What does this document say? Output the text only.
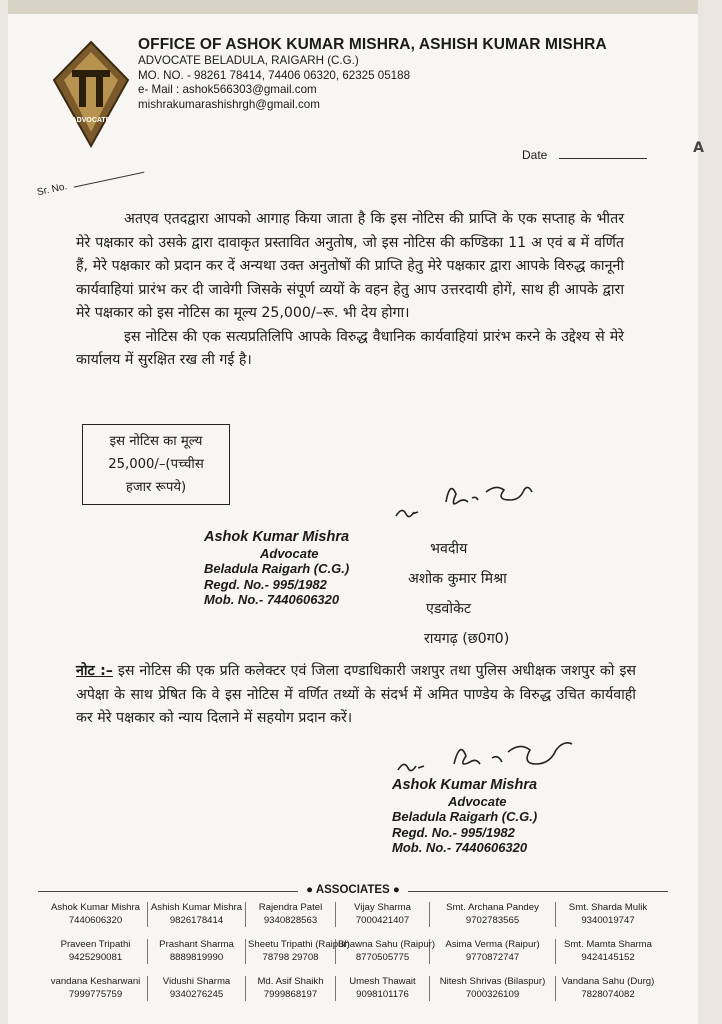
A
ADVOCATE
OFFICE OF ASHOK KUMAR MISHRA, ASHISH KUMAR MISHRA
ADVOCATE BELADULA, RAIGARH (C.G.)
MO. NO. - 98261 78414, 74406 06320, 62325 05188
e- Mail : ashok566303@gmail.com
mishrakumarashishrgh@gmail.com
Date
Sr. No.

अतएव एतदद्वारा आपको आगाह किया जाता है कि इस नोटिस की प्राप्ति के एक सप्ताह के भीतर मेरे पक्षकार को उसके द्वारा दावाकृत प्रस्तावित अनुतोष, जो इस नोटिस की कण्डिका 11 अ एवं ब में वर्णित हैं, मेरे पक्षकार को प्रदान कर दें अन्यथा उक्त अनुतोषों की प्राप्ति हेतु मेरे पक्षकार द्वारा आपके विरुद्ध कानूनी कार्यवाहियां प्रारंभ कर दी जावेगी जिसके संपूर्ण व्ययों के वहन हेतु आप उत्तरदायी होगें, साथ ही आपके द्वारा मेरे पक्षकार को इस नोटिस का मूल्य 25,000/–रू. भी देय होगा।

इस नोटिस की एक सत्यप्रतिलिपि आपके विरुद्ध वैधानिक कार्यवाहियां प्रारंभ करने के उद्देश्य से मेरे कार्यालय में सुरक्षित रख ली गई है।

इस नोटिस का मूल्य
25,000/–(पच्चीस
हजार रूपये)
Ashok Kumar Mishra
Advocate
Beladula Raigarh (C.G.)
Regd. No.- 995/1982
Mob. No.- 7440606320
भवदीय
अशोक कुमार मिश्रा
एडवोकेट
रायगढ़ (छ0ग0)
नोट :– इस नोटिस की एक प्रति कलेक्टर एवं जिला दण्डाधिकारी जशपुर तथा पुलिस अधीक्षक जशपुर को इस अपेक्षा के साथ प्रेषित कि वे इस नोटिस में वर्णित तथ्यों के संदर्भ में अमित पाण्डेय के विरुद्ध उचित कार्यवाही कर मेरे पक्षकार को न्याय दिलाने में सहयोग प्रदान करें।
Ashok Kumar Mishra
Advocate
Beladula Raigarh (C.G.)
Regd. No.- 995/1982
Mob. No.- 7440606320
● ASSOCIATES ●
Ashok Kumar Mishra
7440606320
Ashish Kumar Mishra
9826178414
Rajendra Patel
9340828563
Vijay Sharma
7000421407
Smt. Archana Pandey
9702783565
Smt. Sharda Mulik
9340019747
Praveen Tripathi
9425290081
Prashant Sharma
8889819990
Sheetu Tripathi (Raipur)
78798 29708
Bhawna Sahu (Raipur)
8770505775
Asima Verma (Raipur)
9770872747
Smt. Mamta Sharma
9424145152
vandana Kesharwani
7999775759
Vidushi Sharma
9340276245
Md. Asif Shaikh
7999868197
Umesh Thawait
9098101176
Nitesh Shrivas (Bilaspur)
7000326109
Vandana Sahu (Durg)
7828074082
